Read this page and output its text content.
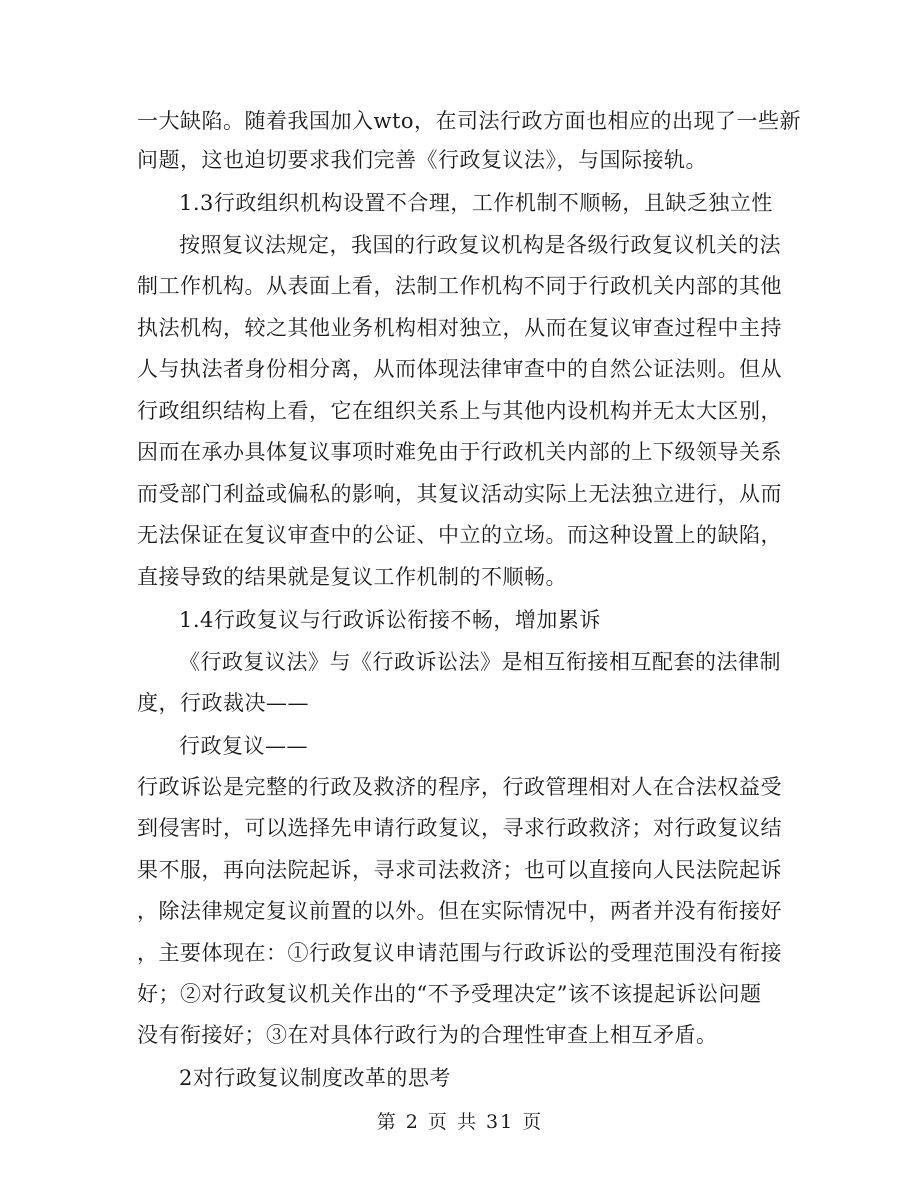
一大缺陷。随着我国加入wto，在司法行政方面也相应的出现了一些新
问题，这也迫切要求我们完善《行政复议法》，与国际接轨。
1.3行政组织机构设置不合理，工作机制不顺畅，且缺乏独立性
按照复议法规定，我国的行政复议机构是各级行政复议机关的法
制工作机构。从表面上看，法制工作机构不同于行政机关内部的其他
执法机构，较之其他业务机构相对独立，从而在复议审查过程中主持
人与执法者身份相分离，从而体现法律审查中的自然公证法则。但从
行政组织结构上看，它在组织关系上与其他内设机构并无太大区别，
因而在承办具体复议事项时难免由于行政机关内部的上下级领导关系
而受部门利益或偏私的影响，其复议活动实际上无法独立进行，从而
无法保证在复议审查中的公证、中立的立场。而这种设置上的缺陷，
直接导致的结果就是复议工作机制的不顺畅。
1.4行政复议与行政诉讼衔接不畅，增加累诉
《行政复议法》与《行政诉讼法》是相互衔接相互配套的法律制
度，行政裁决——
行政复议——
行政诉讼是完整的行政及救济的程序，行政管理相对人在合法权益受
到侵害时，可以选择先申请行政复议，寻求行政救济；对行政复议结
果不服，再向法院起诉，寻求司法救济；也可以直接向人民法院起诉
，除法律规定复议前置的以外。但在实际情况中，两者并没有衔接好
，主要体现在：①行政复议申请范围与行政诉讼的受理范围没有衔接
好；②对行政复议机关作出的“不予受理决定”该不该提起诉讼问题
没有衔接好；③在对具体行政行为的合理性审查上相互矛盾。
2对行政复议制度改革的思考
第 2 页 共 31 页
